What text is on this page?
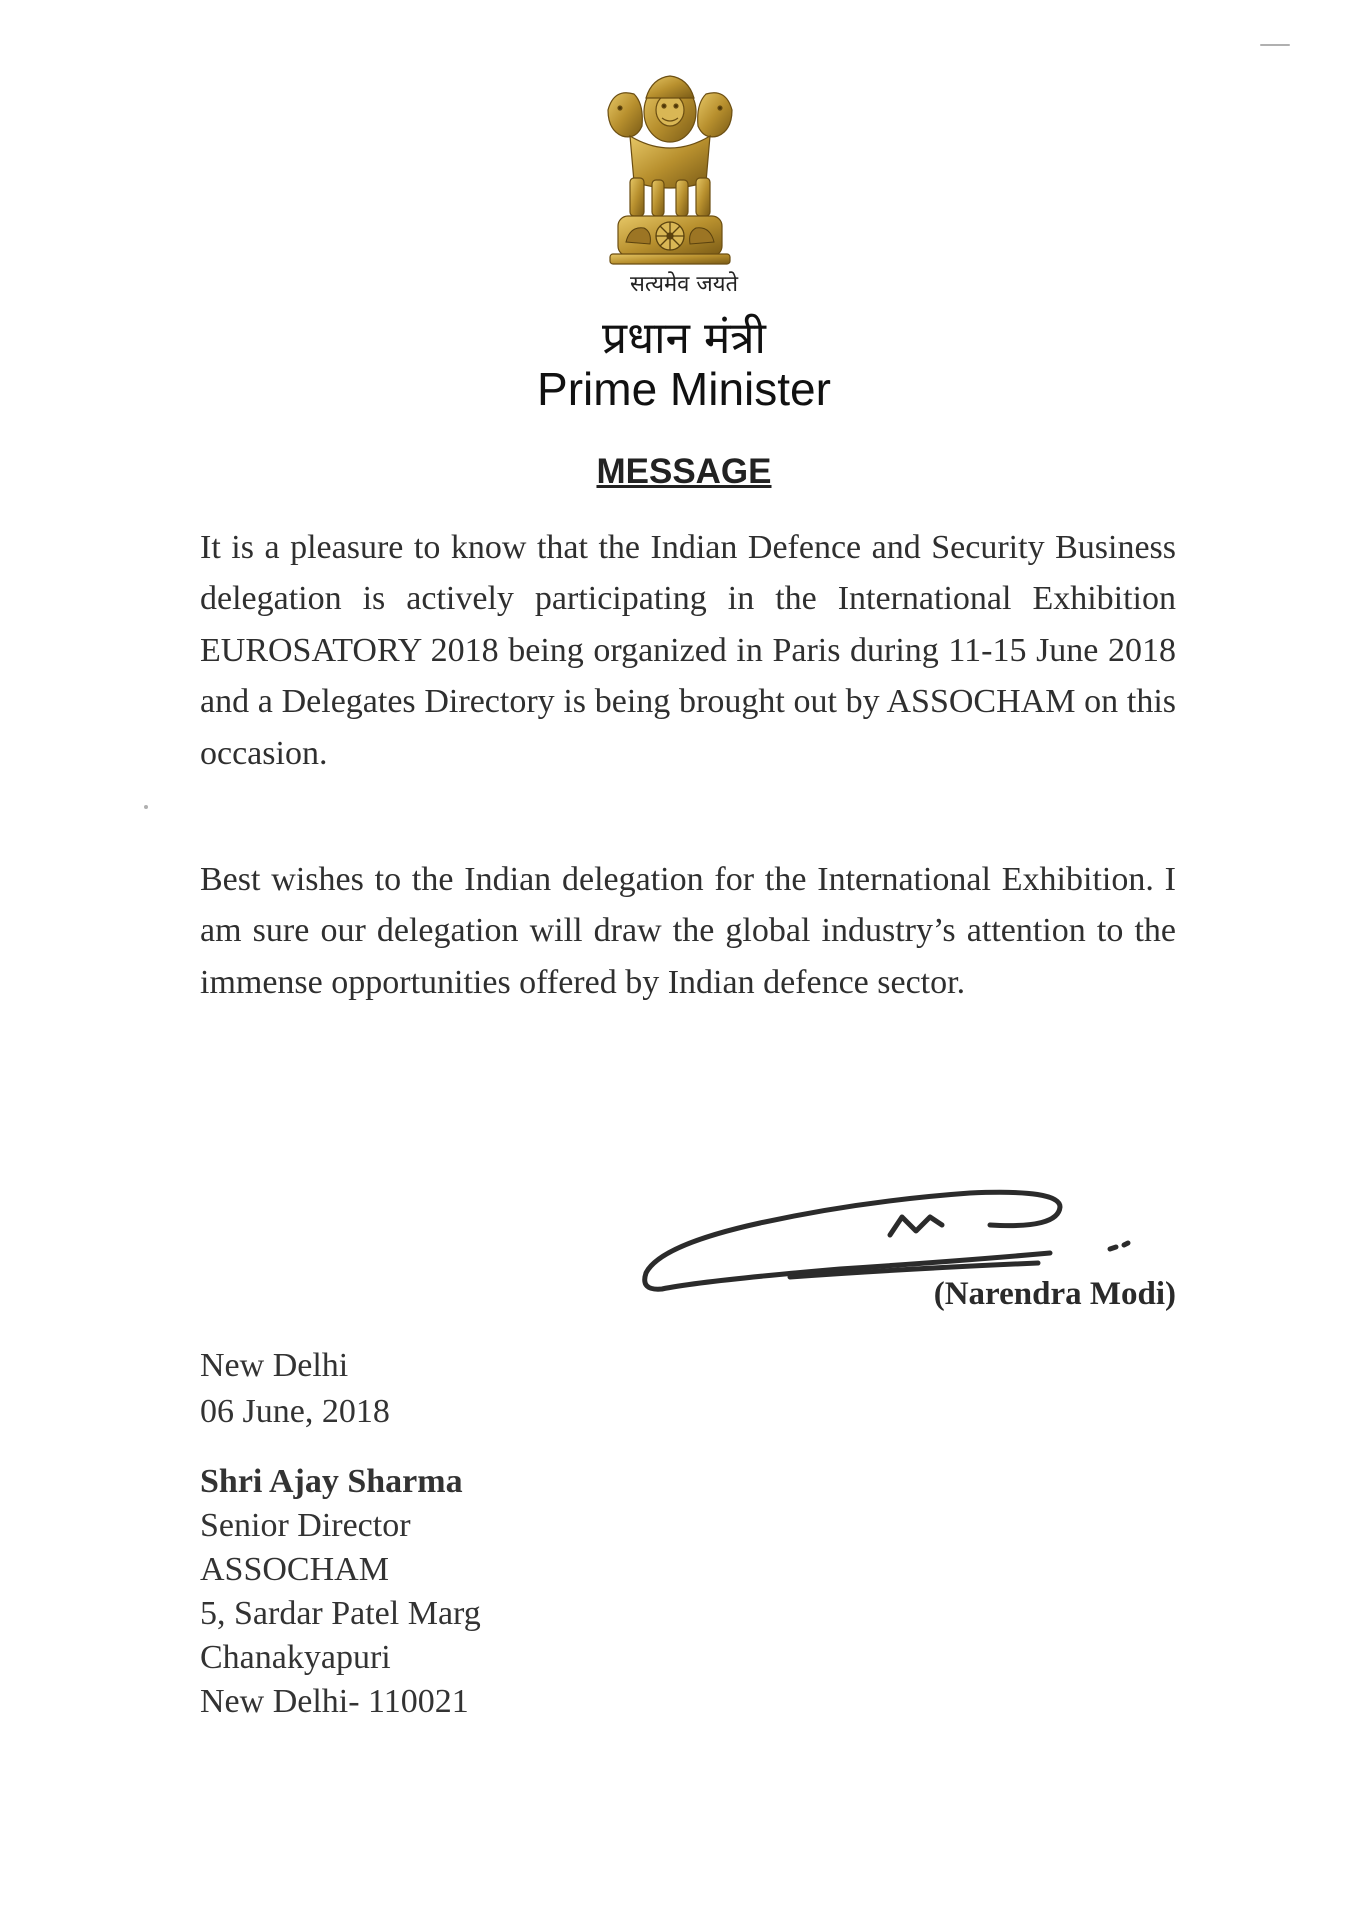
सत्यमेव जयते
प्रधान मंत्री
Prime Minister
MESSAGE

It is a pleasure to know that the Indian Defence and Security Business delegation is actively participating in the International Exhibition EUROSATORY 2018 being organized in Paris during 11-15 June 2018 and a Delegates Directory is being brought out by ASSOCHAM on this occasion.

Best wishes to the Indian delegation for the International Exhibition. I am sure our delegation will draw the global industry’s attention to the immense opportunities offered by Indian defence sector.

(Narendra Modi)
New Delhi
06 June, 2018
Shri Ajay Sharma
Senior Director
ASSOCHAM
5, Sardar Patel Marg
Chanakyapuri
New Delhi- 110021
